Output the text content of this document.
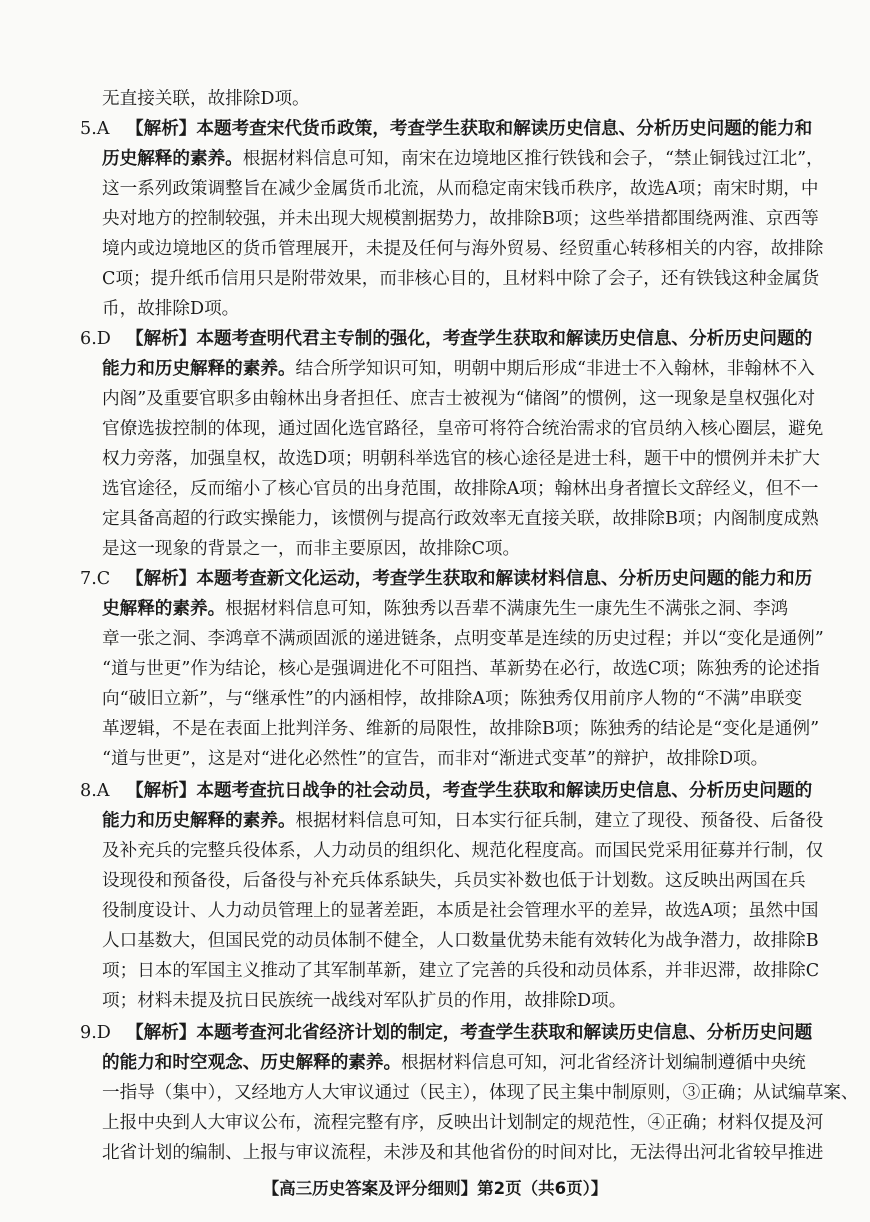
无直接关联，故排除D项。
5.A 【解析】本题考查宋代货币政策，考查学生获取和解读历史信息、分析历史问题的能力和
历史解释的素养。根据材料信息可知，南宋在边境地区推行铁钱和会子，“禁止铜钱过江北”，
这一系列政策调整旨在减少金属货币北流，从而稳定南宋钱币秩序，故选A项；南宋时期，中
央对地方的控制较强，并未出现大规模割据势力，故排除B项；这些举措都围绕两淮、京西等
境内或边境地区的货币管理展开，未提及任何与海外贸易、经贸重心转移相关的内容，故排除
C项；提升纸币信用只是附带效果，而非核心目的，且材料中除了会子，还有铁钱这种金属货
币，故排除D项。
6.D 【解析】本题考查明代君主专制的强化，考查学生获取和解读历史信息、分析历史问题的
能力和历史解释的素养。结合所学知识可知，明朝中期后形成“非进士不入翰林，非翰林不入
内阁”及重要官职多由翰林出身者担任、庶吉士被视为“储阁”的惯例，这一现象是皇权强化对
官僚选拔控制的体现，通过固化选官路径，皇帝可将符合统治需求的官员纳入核心圈层，避免
权力旁落，加强皇权，故选D项；明朝科举选官的核心途径是进士科，题干中的惯例并未扩大
选官途径，反而缩小了核心官员的出身范围，故排除A项；翰林出身者擅长文辞经义，但不一
定具备高超的行政实操能力，该惯例与提高行政效率无直接关联，故排除B项；内阁制度成熟
是这一现象的背景之一，而非主要原因，故排除C项。
7.C 【解析】本题考查新文化运动，考查学生获取和解读材料信息、分析历史问题的能力和历
史解释的素养。根据材料信息可知，陈独秀以吾辈不满康先生一康先生不满张之洞、李鸿
章一张之洞、李鸿章不满顽固派的递进链条，点明变革是连续的历史过程；并以“变化是通例”
“道与世更”作为结论，核心是强调进化不可阻挡、革新势在必行，故选C项；陈独秀的论述指
向“破旧立新”，与“继承性”的内涵相悖，故排除A项；陈独秀仅用前序人物的“不满”串联变
革逻辑，不是在表面上批判洋务、维新的局限性，故排除B项；陈独秀的结论是“变化是通例”
“道与世更”，这是对“进化必然性”的宣告，而非对“渐进式变革”的辩护，故排除D项。
8.A 【解析】本题考查抗日战争的社会动员，考查学生获取和解读历史信息、分析历史问题的
能力和历史解释的素养。根据材料信息可知，日本实行征兵制，建立了现役、预备役、后备役
及补充兵的完整兵役体系，人力动员的组织化、规范化程度高。而国民党采用征募并行制，仅
设现役和预备役，后备役与补充兵体系缺失，兵员实补数也低于计划数。这反映出两国在兵
役制度设计、人力动员管理上的显著差距，本质是社会管理水平的差异，故选A项；虽然中国
人口基数大，但国民党的动员体制不健全，人口数量优势未能有效转化为战争潜力，故排除B
项；日本的军国主义推动了其军制革新，建立了完善的兵役和动员体系，并非迟滞，故排除C
项；材料未提及抗日民族统一战线对军队扩员的作用，故排除D项。
9.D 【解析】本题考查河北省经济计划的制定，考查学生获取和解读历史信息、分析历史问题
的能力和时空观念、历史解释的素养。根据材料信息可知，河北省经济计划编制遵循中央统
一指导（集中），又经地方人大审议通过（民主），体现了民主集中制原则，③正确；从试编草案、
上报中央到人大审议公布，流程完整有序，反映出计划制定的规范性，④正确；材料仅提及河
北省计划的编制、上报与审议流程，未涉及和其他省份的时间对比，无法得出河北省较早推进
【高三历史答案及评分细则】第2页（共6页）】
